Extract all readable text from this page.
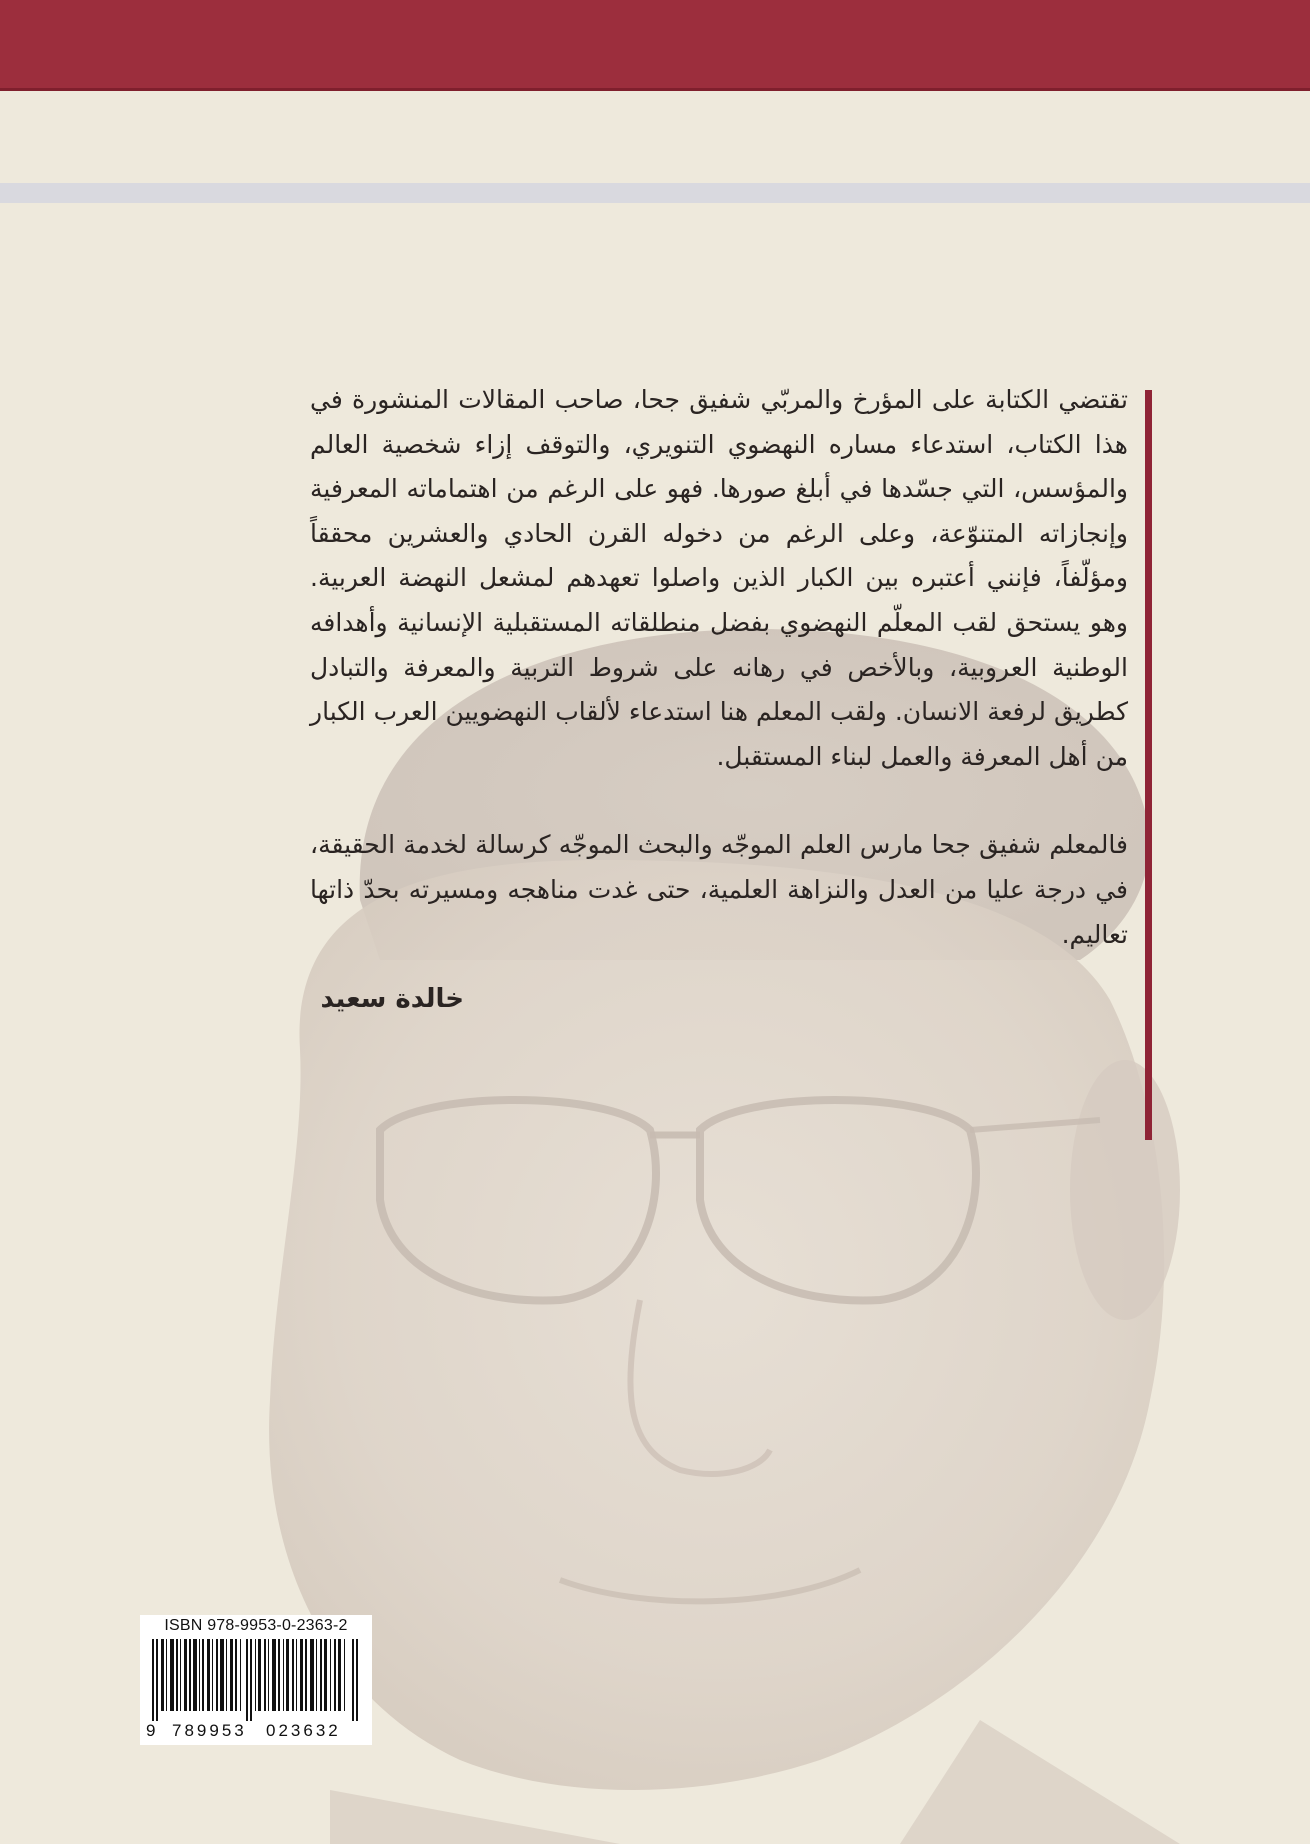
تقتضي الكتابة على المؤرخ والمربّي شفيق جحا، صاحب المقالات المنشورة في هذا الكتاب، استدعاء مساره النهضوي التنويري، والتوقف إزاء شخصية العالم والمؤسس، التي جسّدها في أبلغ صورها. فهو على الرغم من اهتماماته المعرفية وإنجازاته المتنوّعة، وعلى الرغم من دخوله القرن الحادي والعشرين محققاً ومؤلّفاً، فإنني أعتبره بين الكبار الذين واصلوا تعهدهم لمشعل النهضة العربية. وهو يستحق لقب المعلّم النهضوي بفضل منطلقاته المستقبلية الإنسانية وأهدافه الوطنية العروبية، وبالأخص في رهانه على شروط التربية والمعرفة والتبادل كطريق لرفعة الانسان. ولقب المعلم هنا استدعاء لألقاب النهضويين العرب الكبار من أهل المعرفة والعمل لبناء المستقبل.

فالمعلم شفيق جحا مارس العلم الموجّه والبحث الموجّه كرسالة لخدمة الحقيقة، في درجة عليا من العدل والنزاهة العلمية، حتى غدت مناهجه ومسيرته بحدّ ذاتها تعاليم.

خالدة سعيد
ISBN 978-9953-0-2363-2
9 789953 023632
